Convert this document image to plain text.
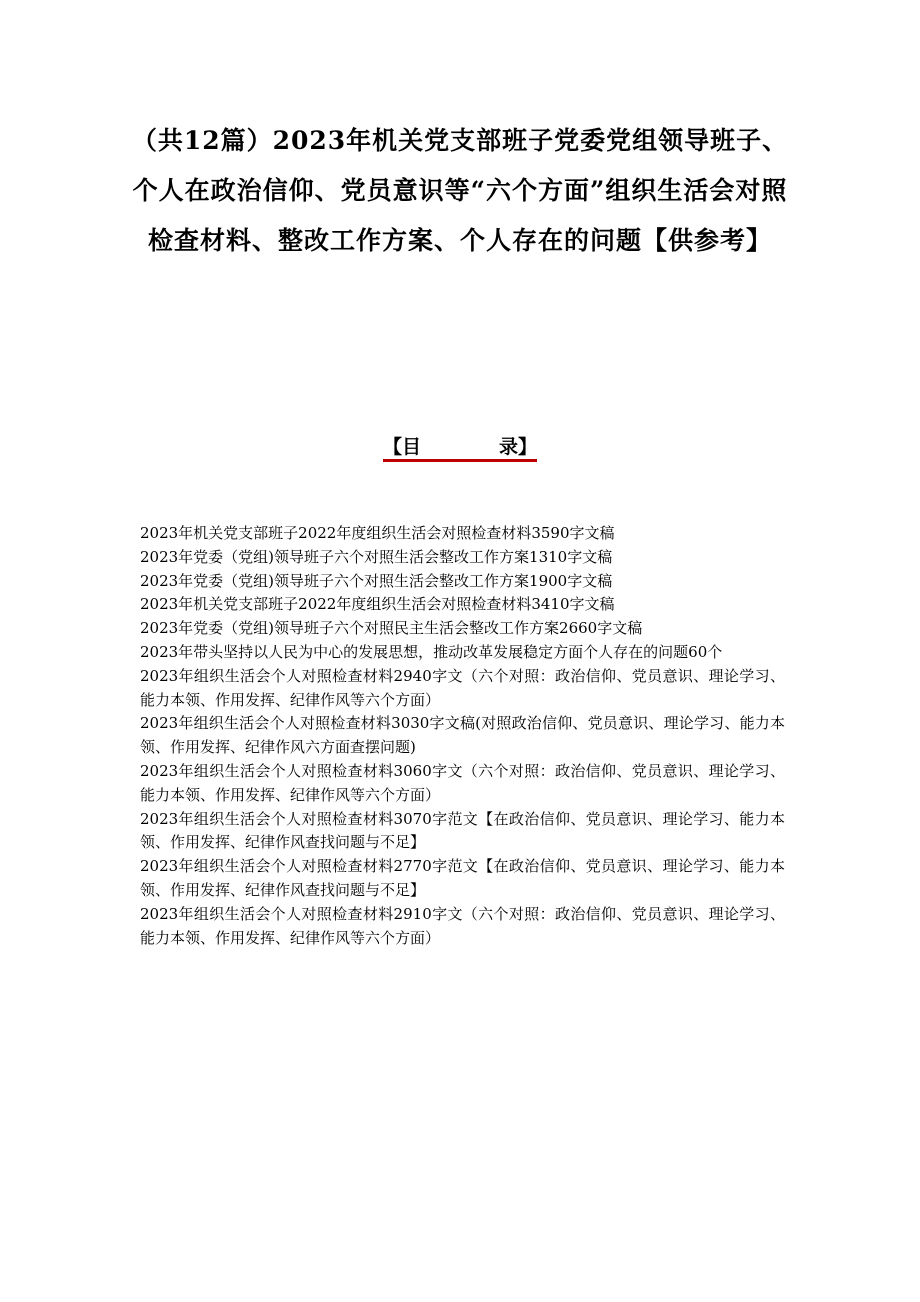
（共12篇）2023年机关党支部班子党委党组领导班子、个人在政治信仰、党员意识等“六个方面”组织生活会对照检查材料、整改工作方案、个人存在的问题【供参考】
【目	录】
2023年机关党支部班子2022年度组织生活会对照检查材料3590字文稿
2023年党委（党组)领导班子六个对照生活会整改工作方案1310字文稿
2023年党委（党组)领导班子六个对照生活会整改工作方案1900字文稿
2023年机关党支部班子2022年度组织生活会对照检查材料3410字文稿
2023年党委（党组)领导班子六个对照民主生活会整改工作方案2660字文稿
2023年带头坚持以人民为中心的发展思想，推动改革发展稳定方面个人存在的问题60个
2023年组织生活会个人对照检查材料2940字文（六个对照：政治信仰、党员意识、理论学习、能力本领、作用发挥、纪律作风等六个方面）
2023年组织生活会个人对照检查材料3030字文稿(对照政治信仰、党员意识、理论学习、能力本领、作用发挥、纪律作风六方面查摆问题)
2023年组织生活会个人对照检查材料3060字文（六个对照：政治信仰、党员意识、理论学习、能力本领、作用发挥、纪律作风等六个方面）
2023年组织生活会个人对照检查材料3070字范文【在政治信仰、党员意识、理论学习、能力本领、作用发挥、纪律作风查找问题与不足】
2023年组织生活会个人对照检查材料2770字范文【在政治信仰、党员意识、理论学习、能力本领、作用发挥、纪律作风查找问题与不足】
2023年组织生活会个人对照检查材料2910字文（六个对照：政治信仰、党员意识、理论学习、能力本领、作用发挥、纪律作风等六个方面）
